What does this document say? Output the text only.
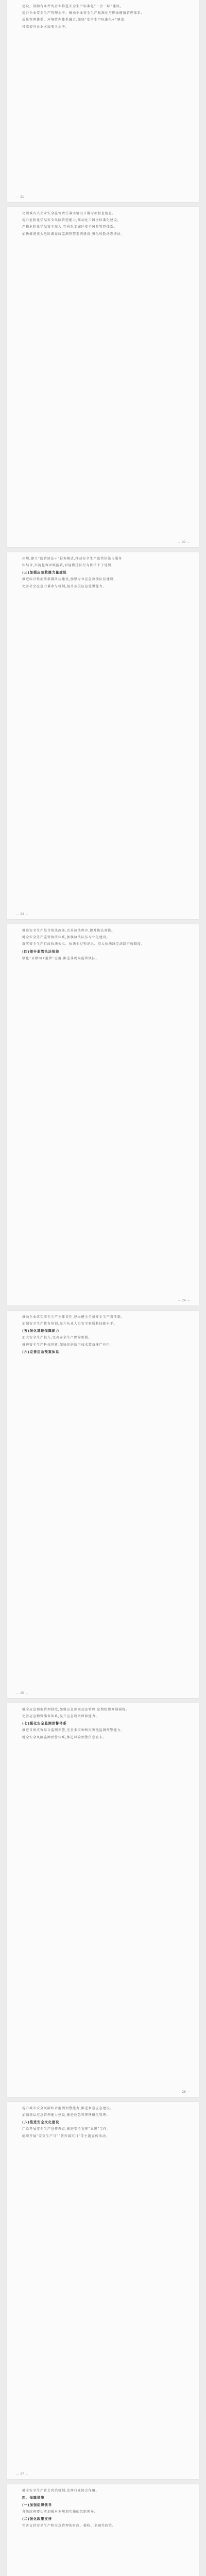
建设。鼓励有条件的企业推进安全生产标准化“一企一标”建设,

提升企业安全生产管理水平。推动企业安全生产标准化与职业健康管理体系、

质量管理体系、环境管理体系融合,加快“安全生产标准化+”建设,

持续提升企业本质安全水平。

— 21 —

化领域有关企业安全监管责任落实情况开展专项督查检查。

提升危险化学品安全风险管控能力,推动化工园区标准化建设,

严格危险化学品安全准入,完善化工园区安全风险管控体系。

加快推进重大危险源在线监测预警系统建设,强化风险动态评估。

— 22 —

环境,建立“监管执法+”服务模式,推动安全生产监管执法与服务

相结合,实施包容审慎监管,对轻微违法行为依法不予处罚。

(三)加强应急救援力量建设

推进综合性消防救援队伍建设,加强专业应急救援队伍建设,

完善社会应急力量参与机制,提升基层应急处置能力。

— 23 —

推进安全生产综合执法改革,完善执法程序,提升执法效能。

健全安全生产监管执法体系,加强执法队伍专业化建设。

落实安全生产行政执法公示、执法全过程记录、重大执法决定法制审核制度。

(四)提升监管执法效能

强化“互联网+监管”应用,推进非现场监管执法。

— 24 —

推动企业落实安全生产主体责任,建立健全全员安全生产责任制。

加强安全生产教育培训,提升从业人员安全素质和技能水平。

(五)强化基础保障能力

加大安全生产投入,完善安全生产保障机制。

推进安全生产科技创新,加快先进适用技术装备推广应用。

(六)完善应急预案体系

— 25 —

健全应急预案管理制度,加强应急预案动态管理,定期组织开展演练。

完善应急物资储备体系,提升应急物资保障能力。

(七)强化安全监测预警体系

推进自然灾害综合监测预警,完善多灾种和灾害链监测预警能力。

健全安全风险监测预警体系,推进风险预警信息发布。

— 26 —

提升城市安全风险综合监测预警能力,推进智慧应急建设。

加强基层应急管理能力建设,推进应急管理网格化管理。

(八)推进安全文化建设

广泛开展安全生产宣传教育,推进安全宣传“五进”工作。

组织开展“安全生产月”“防灾减灾日”等主题宣传活动。

— 27 —

健全安全生产社会共治机制,发挥行业协会作用。

四、保障措施

(一)加强组织领导

各级政府要切实加强对本规划实施的组织领导。

(二)强化政策支持

完善支持安全生产和应急管理的财政、税收、金融等政策。
